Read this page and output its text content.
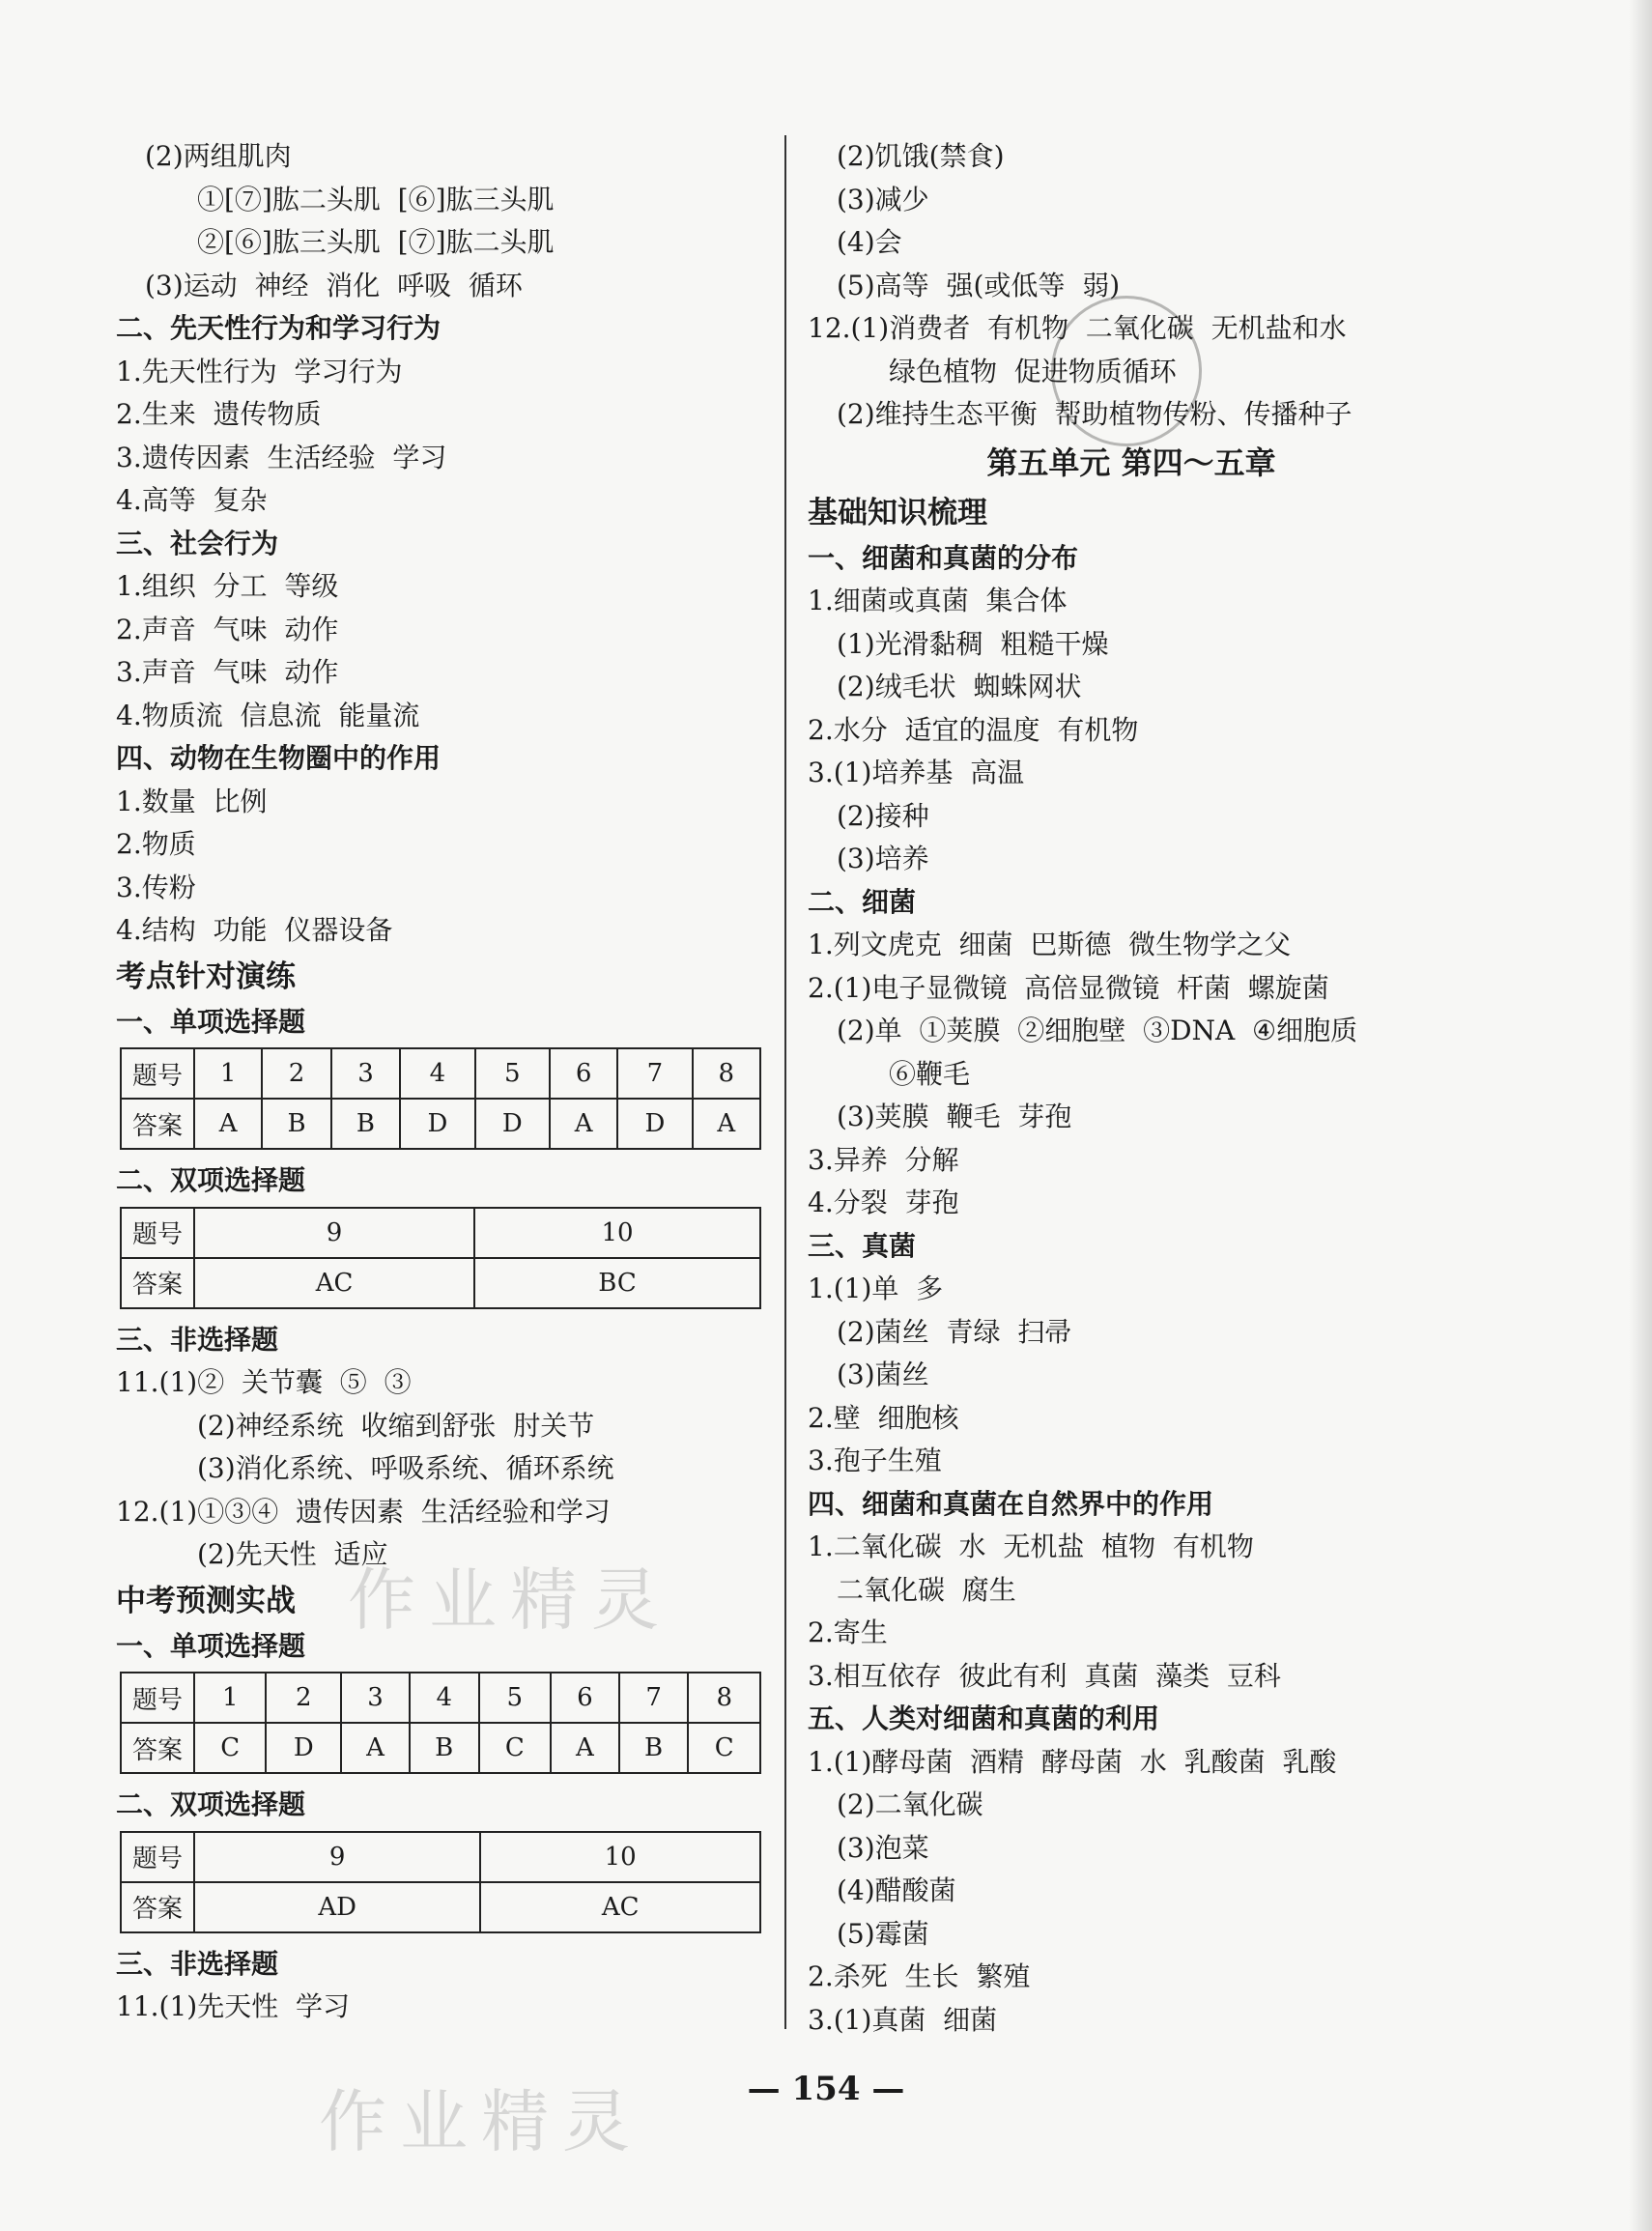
(2)两组肌肉
①[⑦]肱二头肌  [⑥]肱三头肌
②[⑥]肱三头肌  [⑦]肱二头肌
(3)运动  神经  消化  呼吸  循环
二、先天性行为和学习行为
1.先天性行为  学习行为
2.生来  遗传物质
3.遗传因素  生活经验  学习
4.高等  复杂
三、社会行为
1.组织  分工  等级
2.声音  气味  动作
3.声音  气味  动作
4.物质流  信息流  能量流
四、动物在生物圈中的作用
1.数量  比例
2.物质
3.传粉
4.结构  功能  仪器设备
考点针对演练
一、单项选择题
题号	1	2	3	4	5	6	7	8
答案	A	B	B	D	D	A	D	A
二、双项选择题
题号	9	10
答案	AC	BC
三、非选择题
11.(1)②  关节囊  ⑤  ③
(2)神经系统  收缩到舒张  肘关节
(3)消化系统、呼吸系统、循环系统
12.(1)①③④  遗传因素  生活经验和学习
(2)先天性  适应
中考预测实战
一、单项选择题
题号	1	2	3	4	5	6	7	8
答案	C	D	A	B	C	A	B	C
二、双项选择题
题号	9	10
答案	AD	AC
三、非选择题
11.(1)先天性  学习
(2)饥饿(禁食)
(3)减少
(4)会
(5)高等  强(或低等  弱)
12.(1)消费者  有机物  二氧化碳  无机盐和水
绿色植物  促进物质循环
(2)维持生态平衡  帮助植物传粉、传播种子
第五单元 第四～五章
基础知识梳理
一、细菌和真菌的分布
1.细菌或真菌  集合体
(1)光滑黏稠  粗糙干燥
(2)绒毛状  蜘蛛网状
2.水分  适宜的温度  有机物
3.(1)培养基  高温
(2)接种
(3)培养
二、细菌
1.列文虎克  细菌  巴斯德  微生物学之父
2.(1)电子显微镜  高倍显微镜  杆菌  螺旋菌
(2)单  ①荚膜  ②细胞壁  ③DNA  ④细胞质
⑥鞭毛
(3)荚膜  鞭毛  芽孢
3.异养  分解
4.分裂  芽孢
三、真菌
1.(1)单  多
(2)菌丝  青绿  扫帚
(3)菌丝
2.壁  细胞核
3.孢子生殖
四、细菌和真菌在自然界中的作用
1.二氧化碳  水  无机盐  植物  有机物
二氧化碳  腐生
2.寄生
3.相互依存  彼此有利  真菌  藻类  豆科
五、人类对细菌和真菌的利用
1.(1)酵母菌  酒精  酵母菌  水  乳酸菌  乳酸
(2)二氧化碳
(3)泡菜
(4)醋酸菌
(5)霉菌
2.杀死  生长  繁殖
3.(1)真菌  细菌
作业精灵
作业精灵	— 154 —
